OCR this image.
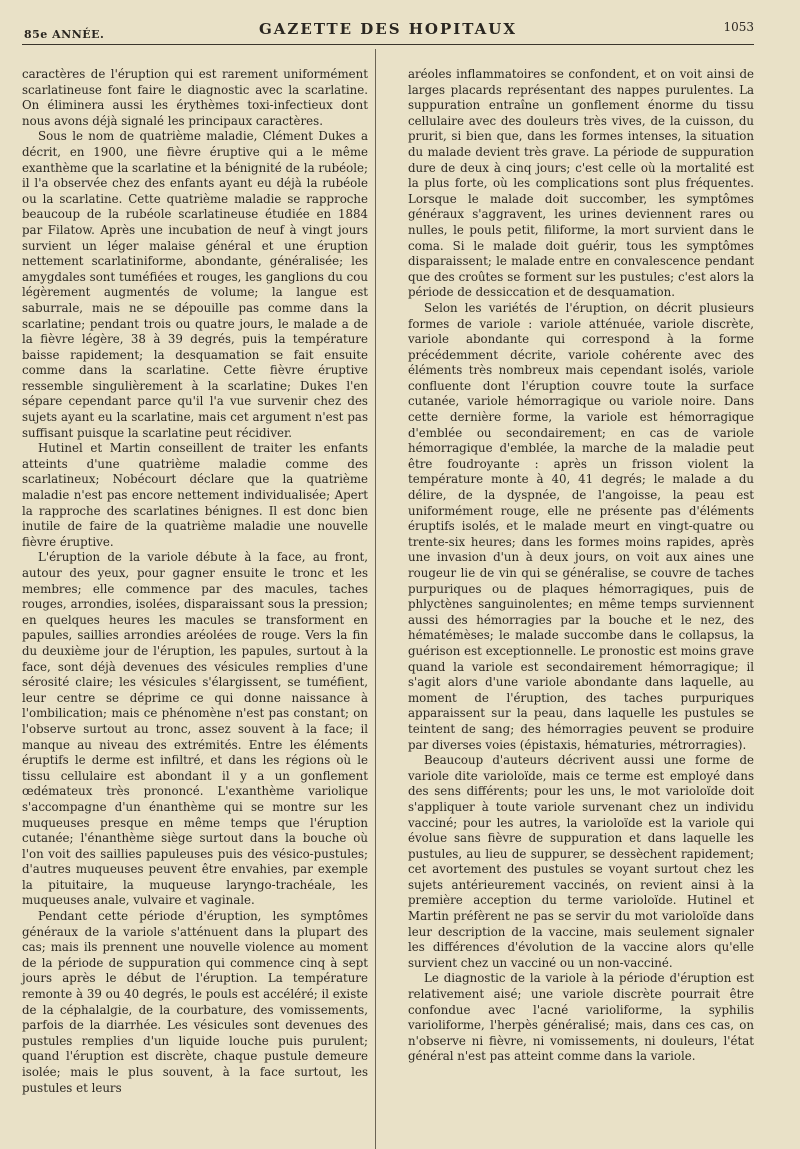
85e ANNÉE.	GAZETTE DES HOPITAUX	1053

caractères de l'éruption qui est rarement uniformément scarlatineuse font faire le diagnostic avec la scarlatine. On éliminera aussi les érythèmes toxi-infectieux dont nous avons déjà signalé les principaux caractères.

Sous le nom de quatrième maladie, Clément Dukes a décrit, en 1900, une fièvre éruptive qui a le même exanthème que la scarlatine et la bénignité de la rubéole; il l'a observée chez des enfants ayant eu déjà la rubéole ou la scarlatine. Cette quatrième maladie se rapproche beaucoup de la rubéole scarlatineuse étudiée en 1884 par Filatow. Après une incubation de neuf à vingt jours survient un léger malaise général et une éruption nettement scarlatiniforme, abondante, généralisée; les amygdales sont tuméfiées et rouges, les ganglions du cou légèrement augmentés de volume; la langue est saburrale, mais ne se dépouille pas comme dans la scarlatine; pendant trois ou quatre jours, le malade a de la fièvre légère, 38 à 39 degrés, puis la température baisse rapidement; la desquamation se fait ensuite comme dans la scarlatine. Cette fièvre éruptive ressemble singulièrement à la scarlatine; Dukes l'en sépare cependant parce qu'il l'a vue survenir chez des sujets ayant eu la scarlatine, mais cet argument n'est pas suffisant puisque la scarlatine peut récidiver.

Hutinel et Martin conseillent de traiter les enfants atteints d'une quatrième maladie comme des scarlatineux; Nobécourt déclare que la quatrième maladie n'est pas encore nettement individualisée; Apert la rapproche des scarlatines bénignes. Il est donc bien inutile de faire de la quatrième maladie une nouvelle fièvre éruptive.

L'éruption de la variole débute à la face, au front, autour des yeux, pour gagner ensuite le tronc et les membres; elle commence par des macules, taches rouges, arrondies, isolées, disparaissant sous la pression; en quelques heures les macules se transforment en papules, saillies arrondies aréolées de rouge. Vers la fin du deuxième jour de l'éruption, les papules, surtout à la face, sont déjà devenues des vésicules remplies d'une sérosité claire; les vésicules s'élargissent, se tuméfient, leur centre se déprime ce qui donne naissance à l'ombilication; mais ce phénomène n'est pas constant; on l'observe surtout au tronc, assez souvent à la face; il manque au niveau des extrémités. Entre les éléments éruptifs le derme est infiltré, et dans les régions où le tissu cellulaire est abondant il y a un gonflement œdémateux très prononcé. L'exanthème variolique s'accompagne d'un énanthème qui se montre sur les muqueuses presque en même temps que l'éruption cutanée; l'énanthème siège surtout dans la bouche où l'on voit des saillies papuleuses puis des vésico-pustules; d'autres muqueuses peuvent être envahies, par exemple la pituitaire, la muqueuse laryngo-trachéale, les muqueuses anale, vulvaire et vaginale.

Pendant cette période d'éruption, les symptômes généraux de la variole s'atténuent dans la plupart des cas; mais ils prennent une nouvelle violence au moment de la période de suppuration qui commence cinq à sept jours après le début de l'éruption. La température remonte à 39 ou 40 degrés, le pouls est accéléré; il existe de la céphalalgie, de la courbature, des vomissements, parfois de la diarrhée. Les vésicules sont devenues des pustules remplies d'un liquide louche puis purulent; quand l'éruption est discrète, chaque pustule demeure isolée; mais le plus souvent, à la face surtout, les pustules et leurs

aréoles inflammatoires se confondent, et on voit ainsi de larges placards représentant des nappes purulentes. La suppuration entraîne un gonflement énorme du tissu cellulaire avec des douleurs très vives, de la cuisson, du prurit, si bien que, dans les formes intenses, la situation du malade devient très grave. La période de suppuration dure de deux à cinq jours; c'est celle où la mortalité est la plus forte, où les complications sont plus fréquentes. Lorsque le malade doit succomber, les symptômes généraux s'aggravent, les urines deviennent rares ou nulles, le pouls petit, filiforme, la mort survient dans le coma. Si le malade doit guérir, tous les symptômes disparaissent; le malade entre en convalescence pendant que des croûtes se forment sur les pustules; c'est alors la période de dessiccation et de desquamation.

Selon les variétés de l'éruption, on décrit plusieurs formes de variole : variole atténuée, variole discrète, variole abondante qui correspond à la forme précédemment décrite, variole cohérente avec des éléments très nombreux mais cependant isolés, variole confluente dont l'éruption couvre toute la surface cutanée, variole hémorragique ou variole noire. Dans cette dernière forme, la variole est hémorragique d'emblée ou secondairement; en cas de variole hémorragique d'emblée, la marche de la maladie peut être foudroyante : après un frisson violent la température monte à 40, 41 degrés; le malade a du délire, de la dyspnée, de l'angoisse, la peau est uniformément rouge, elle ne présente pas d'éléments éruptifs isolés, et le malade meurt en vingt-quatre ou trente-six heures; dans les formes moins rapides, après une invasion d'un à deux jours, on voit aux aines une rougeur lie de vin qui se généralise, se couvre de taches purpuriques ou de plaques hémorragiques, puis de phlyctènes sanguinolentes; en même temps surviennent aussi des hémorragies par la bouche et le nez, des hématémèses; le malade succombe dans le collapsus, la guérison est exceptionnelle. Le pronostic est moins grave quand la variole est secondairement hémorragique; il s'agit alors d'une variole abondante dans laquelle, au moment de l'éruption, des taches purpuriques apparaissent sur la peau, dans laquelle les pustules se teintent de sang; des hémorragies peuvent se produire par diverses voies (épistaxis, hématuries, métrorragies).

Beaucoup d'auteurs décrivent aussi une forme de variole dite varioloïde, mais ce terme est employé dans des sens différents; pour les uns, le mot varioloïde doit s'appliquer à toute variole survenant chez un individu vacciné; pour les autres, la varioloïde est la variole qui évolue sans fièvre de suppuration et dans laquelle les pustules, au lieu de suppurer, se dessèchent rapidement; cet avortement des pustules se voyant surtout chez les sujets antérieurement vaccinés, on revient ainsi à la première acception du terme varioloïde. Hutinel et Martin préfèrent ne pas se servir du mot varioloïde dans leur description de la vaccine, mais seulement signaler les différences d'évolution de la vaccine alors qu'elle survient chez un vacciné ou un non-vacciné.

Le diagnostic de la variole à la période d'éruption est relativement aisé; une variole discrète pourrait être confondue avec l'acné varioliforme, la syphilis varioliforme, l'herpès généralisé; mais, dans ces cas, on n'observe ni fièvre, ni vomissements, ni douleurs, l'état général n'est pas atteint comme dans la variole.
